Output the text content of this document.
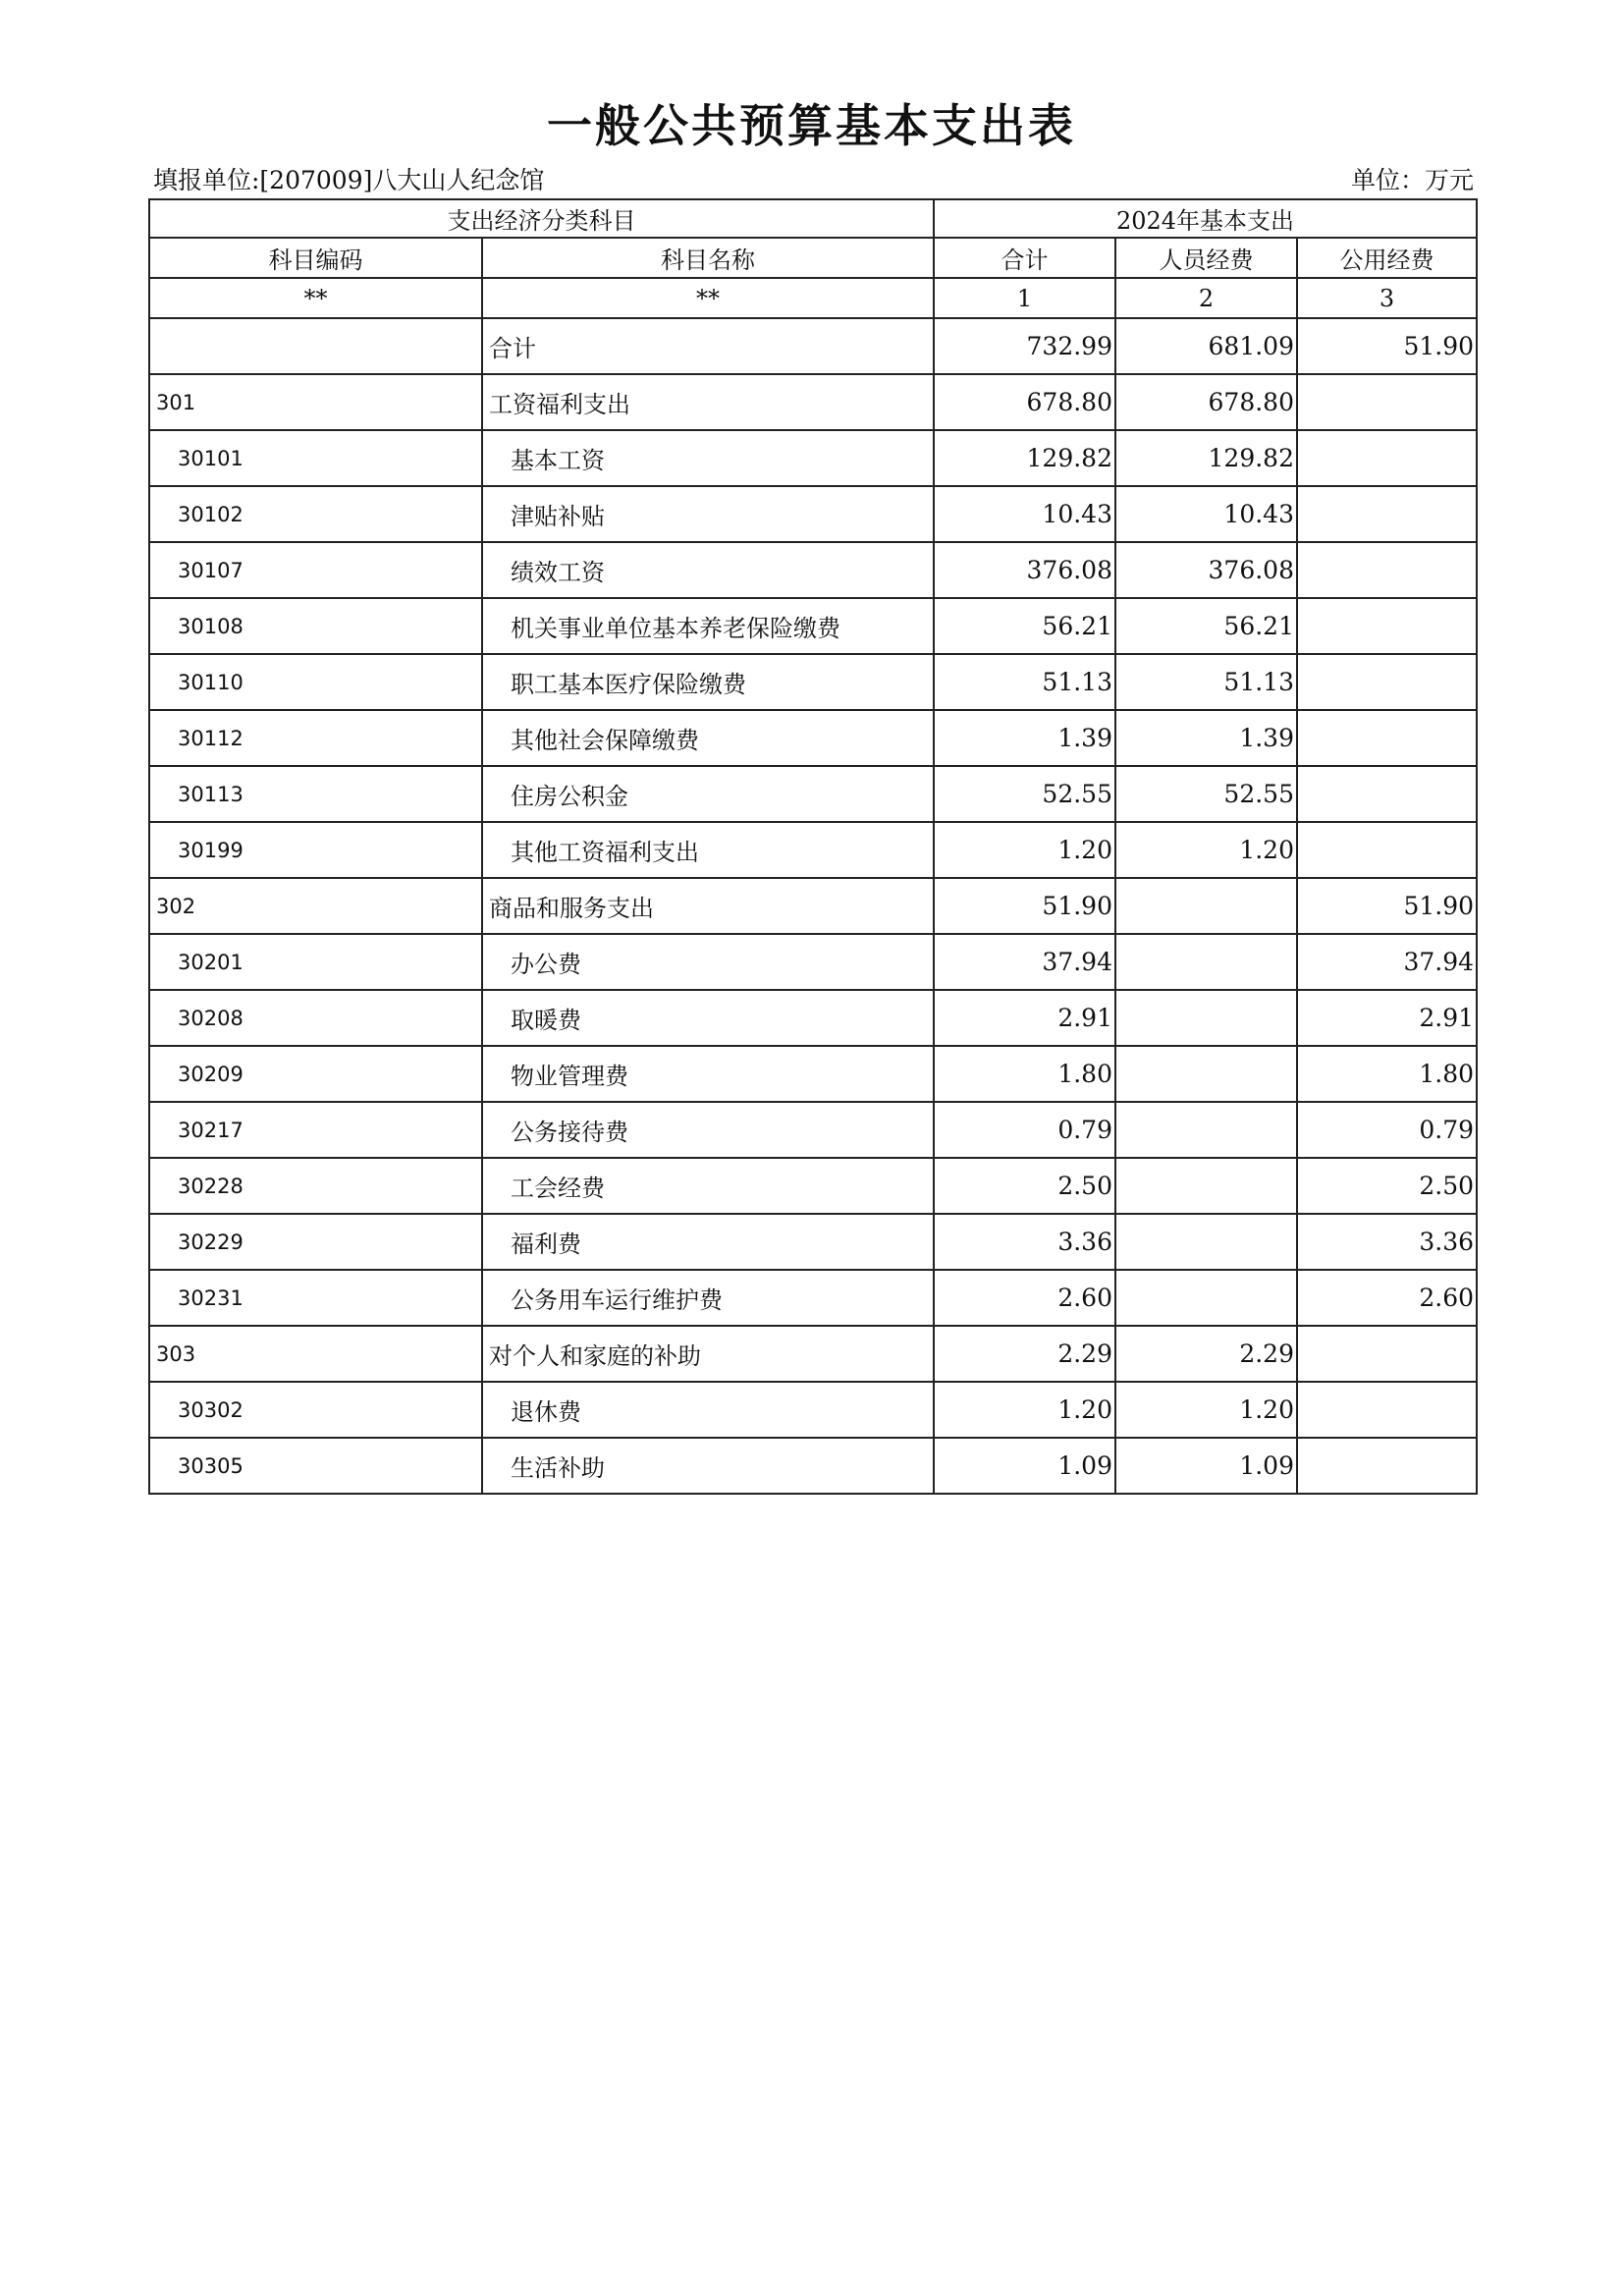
一般公共预算基本支出表
填报单位:[207009]八大山人纪念馆	单位：万元
支出经济分类科目		2024年基本支出		
科目编码	科目名称	合计	人员经费	公用经费
**	**	1	2	3
	合计	732.99	681.09	51.90
301	工资福利支出	678.80	678.80	
30101	基本工资	129.82	129.82	
30102	津贴补贴	10.43	10.43	
30107	绩效工资	376.08	376.08	
30108	机关事业单位基本养老保险缴费	56.21	56.21	
30110	职工基本医疗保险缴费	51.13	51.13	
30112	其他社会保障缴费	1.39	1.39	
30113	住房公积金	52.55	52.55	
30199	其他工资福利支出	1.20	1.20	
302	商品和服务支出	51.90		51.90
30201	办公费	37.94		37.94
30208	取暖费	2.91		2.91
30209	物业管理费	1.80		1.80
30217	公务接待费	0.79		0.79
30228	工会经费	2.50		2.50
30229	福利费	3.36		3.36
30231	公务用车运行维护费	2.60		2.60
303	对个人和家庭的补助	2.29	2.29	
30302	退休费	1.20	1.20	
30305	生活补助	1.09	1.09	
